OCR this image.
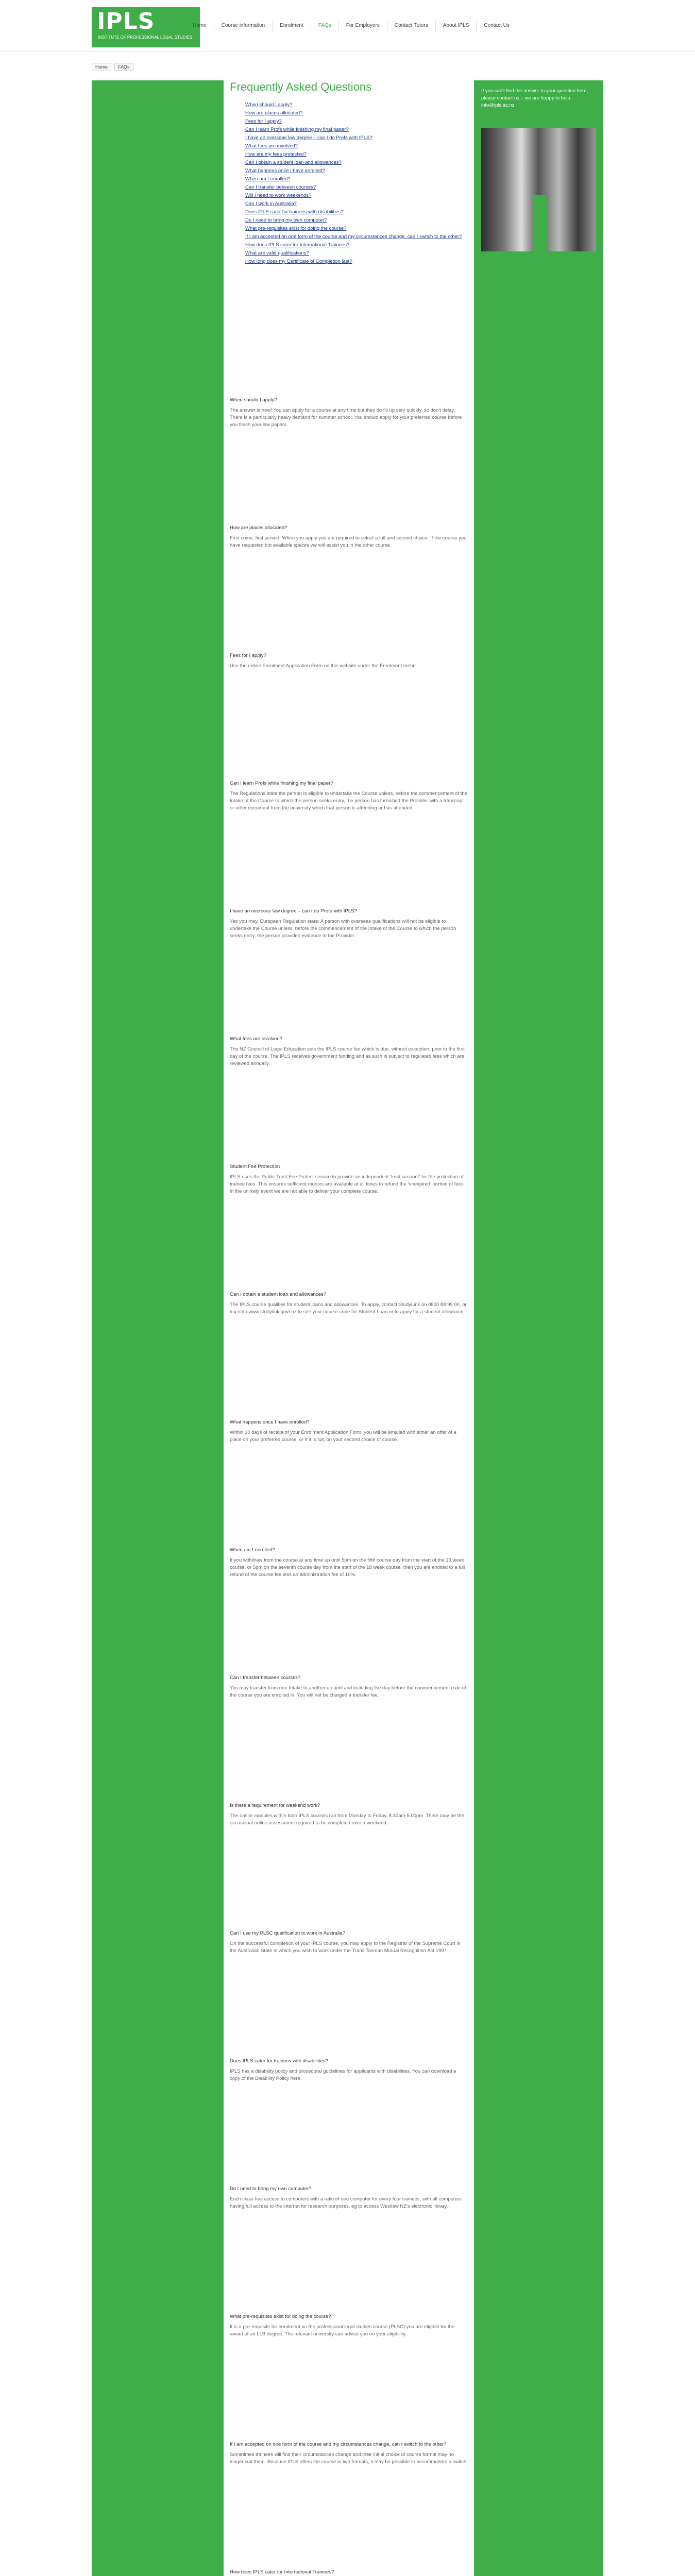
IPLS
INSTITUTE OF PROFESSIONAL LEGAL STUDIES
Home	Course information	Enrolment	FAQs	For Employers	Contact Tutors	About IPLS	Contact Us
Home	FAQs
Frequently Asked Questions
When should I apply?
How are places allocated?
Fees for I apply?
Can I learn Profs while finishing my final paper?
I have an overseas law degree – can I do Profs with IPLS?
What fees are involved?
How are my fees protected?
Can I obtain a student loan and allowances?
What happens once I have enrolled?
When am I enrolled?
Can I transfer between courses?
Will I need to work weekends?
Can I work in Australia?
Does IPLS cater for trainees with disabilities?
Do I need to bring my own computer?
What pre-requisites exist for doing the course?
If I am accepted on one form of the course and my circumstances change, can I switch to the other?
How does IPLS cater for International Trainees?
What are valid qualifications?
How long does my Certificate of Completion last?
When should I apply?
The answer is now! You can apply for a course at any time but they do fill up very quickly, so don't delay. There is a particularly heavy demand for summer school. You should apply for your preferred course before you finish your law papers.
How are places allocated?
First come, first served. When you apply you are required to select a full and second choice. If the course you have requested but available spaces we will assist you in the other course.
Fees for I apply?
Use the online Enrolment Application Form on this website under the Enrolment menu.
Can I learn Profs while finishing my final paper?
The Regulations state the person is eligible to undertake the Course unless, before the commencement of the Intake of the Course to which the person seeks entry, the person has furnished the Provider with a transcript or other document from the university which that person is attending or has attended.
I have an overseas law degree – can I do Profs with IPLS?
Yes you may, European Regulation state: A person with overseas qualifications will not be eligible to undertake the Course unless, before the commencement of the Intake of the Course to which the person seeks entry, the person provides evidence to the Provider.
What fees are involved?
The NZ Council of Legal Education sets the IPLS course fee which is due, without exception, prior to the first day of the course. The IPLS receives government funding and as such is subject to regulated fees which are reviewed annually.
Student Fee Protection
IPLS uses the Public Trust Fee Protect service to provide an independent 'trust account' for the protection of trainee fees. This ensures sufficient monies are available at all times to refund the 'unexpired' portion of fees in the unlikely event we are not able to deliver your complete course.
Can I obtain a student loan and allowances?
The IPLS course qualifies for student loans and allowances. To apply, contact StudyLink on 0800 88 99 00, or log onto www.studylink.govt.nz to see your course code for Student Loan or to apply for a student allowance.
What happens once I have enrolled?
Within 10 days of receipt of your Enrolment Application Form, you will be emailed with either an offer of a place on your preferred course, or if it is full, on your second choice of course.
When am I enrolled?
If you withdraw from the course at any time up until 5pm on the fifth course day from the start of the 13 week course, or 5pm on the seventh course day from the start of the 18 week course, then you are entitled to a full refund of the course fee less an administration fee of 10%.
Can I transfer between courses?
You may transfer from one Intake to another up until and including the day before the commencement date of the course you are enrolled in. You will not be charged a transfer fee.
Is there a requirement for weekend work?
The onsite modules within both IPLS courses run from Monday to Friday, 8.30am-5.00pm. There may be the occasional online assessment required to be completed over a weekend.
Can I use my PLSC qualification to work in Australia?
On the successful completion of your IPLS course, you may apply to the Registrar of the Supreme Court in the Australian State in which you wish to work under the Trans Tasman Mutual Recognition Act 1997.
Does IPLS cater for trainees with disabilities?
IPLS has a disability policy and procedural guidelines for applicants with disabilities. You can download a copy of the Disability Policy here.
Do I need to bring my own computer?
Each class has access to computers with a ratio of one computer for every four trainees, with all computers having full access to the internet for research purposes, eg to access Westlaw NZ's electronic library.
What pre-requisites exist for doing the course?
It is a pre-requisite for enrolment on the professional legal studies course (PLSC) you are eligible for the award of an LLB degree. The relevant university can advise you on your eligibility.
If I am accepted on one form of the course and my circumstances change, can I switch to the other?
Sometimes trainees will find their circumstances change and their initial choice of course format may no longer suit them. Because IPLS offers the course in two formats, it may be possible to accommodate a switch.
How does IPLS cater for International Trainees?
If you can't find the answer to your question here, please contact us – we are happy to help: info@ipls.ac.nz
